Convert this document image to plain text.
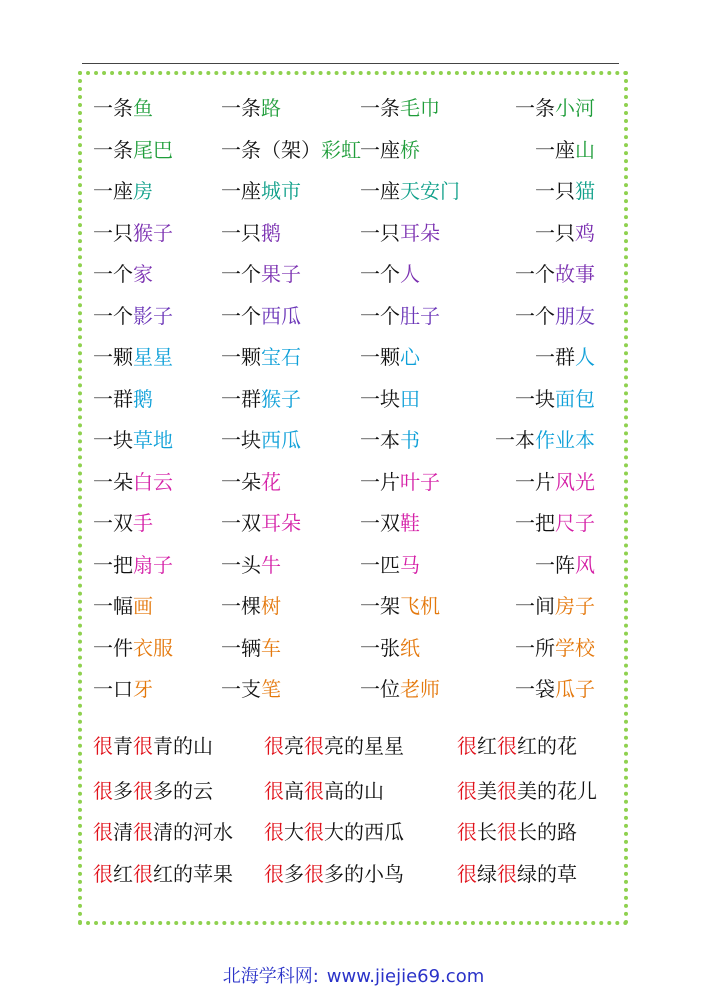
一条鱼	一条路	一条毛巾	一条小河
一条尾巴 一条（架）彩虹 一座桥	一座山
一座房	一座城市	一座天安门	一只猫
一只猴子 一只鹅	一只耳朵	一只鸡
一个家	一个果子	一个人	一个故事
一个影子 一个西瓜	一个肚子	一个朋友
一颗星星 一颗宝石	一颗心	一群人
一群鹅	一群猴子	一块田	一块面包
一块草地 一块西瓜	一本书	一本作业本
一朵白云 一朵花	一片叶子	一片风光
一双手	一双耳朵	一双鞋	一把尺子
一把扇子 一头牛	一匹马	一阵风
一幅画	一棵树	一架飞机	一间房子
一件衣服 一辆车	一张纸	一所学校
一口牙	一支笔	一位老师	一袋瓜子
很青很青的山	很亮很亮的星星	很红很红的花
很多很多的云	很高很高的山	很美很美的花儿
很清很清的河水 很大很大的西瓜	很长很长的路
很红很红的苹果 很多很多的小鸟	很绿很绿的草
北海学科网: www.jiejie69.com
